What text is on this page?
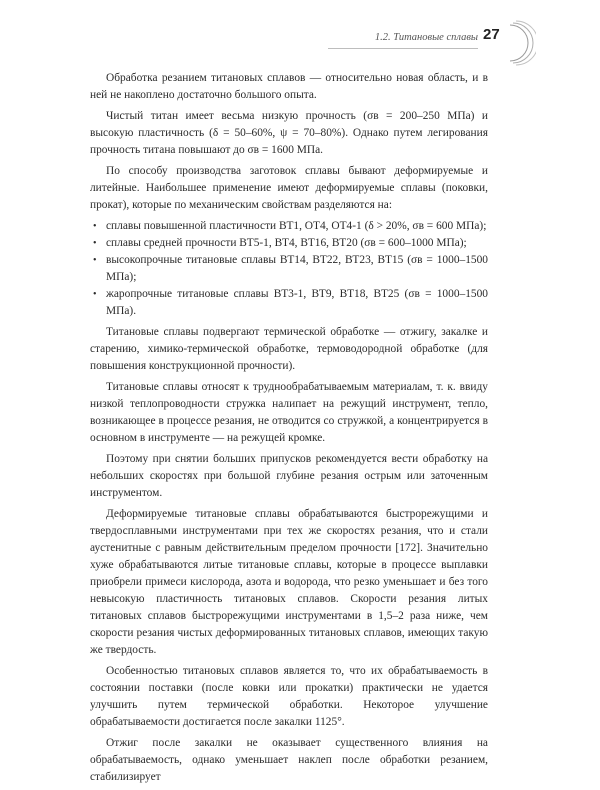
1.2. Титановые сплавы 27

Обработка резанием титановых сплавов — относительно новая область, и в ней не накоплено достаточно большого опыта.

Чистый титан имеет весьма низкую прочность (σв = 200–250 МПа) и высокую пластичность (δ = 50–60%, ψ = 70–80%). Однако путем легирования прочность титана повышают до σв = 1600 МПа.

По способу производства заготовок сплавы бывают деформируемые и литейные. Наибольшее применение имеют деформируемые сплавы (поковки, прокат), которые по механическим свойствам разделяются на:

• сплавы повышенной пластичности ВТ1, ОТ4, ОТ4-1 (δ > 20%, σв = 600 МПа);
• сплавы средней прочности ВТ5-1, ВТ4, ВТ16, ВТ20 (σв = 600–1000 МПа);
• высокопрочные титановые сплавы ВТ14, ВТ22, ВТ23, ВТ15 (σв = 1000–1500 МПа);
• жаропрочные титановые сплавы ВТ3-1, ВТ9, ВТ18, ВТ25 (σв = 1000–1500 МПа).

Титановые сплавы подвергают термической обработке — отжигу, закалке и старению, химико-термической обработке, термоводородной обработке (для повышения конструкционной прочности).

Титановые сплавы относят к труднообрабатываемым материалам, т. к. ввиду низкой теплопроводности стружка налипает на режущий инструмент, тепло, возникающее в процессе резания, не отводится со стружкой, а концентрируется в основном в инструменте — на режущей кромке.

Поэтому при снятии больших припусков рекомендуется вести обработку на небольших скоростях при большой глубине резания острым или заточенным инструментом.

Деформируемые титановые сплавы обрабатываются быстрорежущими и твердосплавными инструментами при тех же скоростях резания, что и стали аустенитные с равным действительным пределом прочности [172]. Значительно хуже обрабатываются литые титановые сплавы, которые в процессе выплавки приобрели примеси кислорода, азота и водорода, что резко уменьшает и без того невысокую пластичность титановых сплавов. Скорости резания литых титановых сплавов быстрорежущими инструментами в 1,5–2 раза ниже, чем скорости резания чистых деформированных титановых сплавов, имеющих такую же твердость.

Особенностью титановых сплавов является то, что их обрабатываемость в состоянии поставки (после ковки или прокатки) практически не удается улучшить путем термической обработки. Некоторое улучшение обрабатываемости достигается после закалки 1125°.

Отжиг после закалки не оказывает существенного влияния на обрабатываемость, однако уменьшает наклеп после обработки резанием, стабилизирует
